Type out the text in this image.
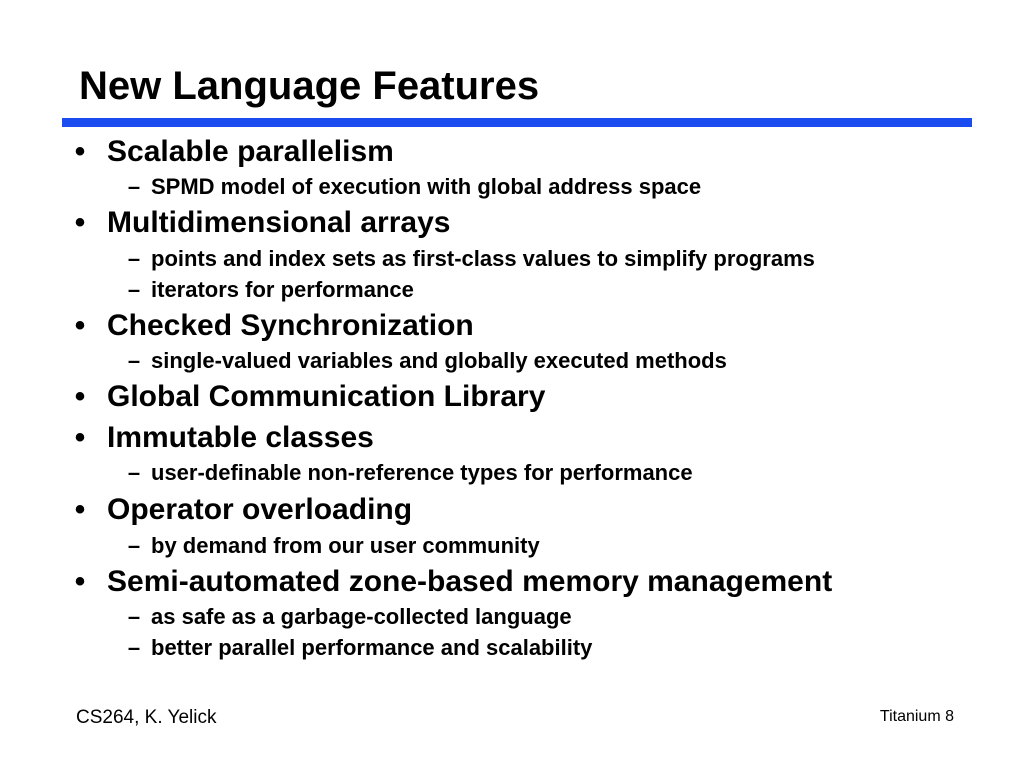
New Language Features
• Scalable parallelism
– SPMD model of execution with global address space
• Multidimensional arrays
– points and index sets as first-class values to simplify programs
– iterators for performance
• Checked Synchronization
– single-valued variables and globally executed methods
• Global Communication Library
• Immutable classes
– user-definable non-reference types for performance
• Operator overloading
– by demand from our user community
• Semi-automated zone-based memory management
– as safe as a garbage-collected language
– better parallel performance and scalability
CS264, K. Yelick	Titanium 8
